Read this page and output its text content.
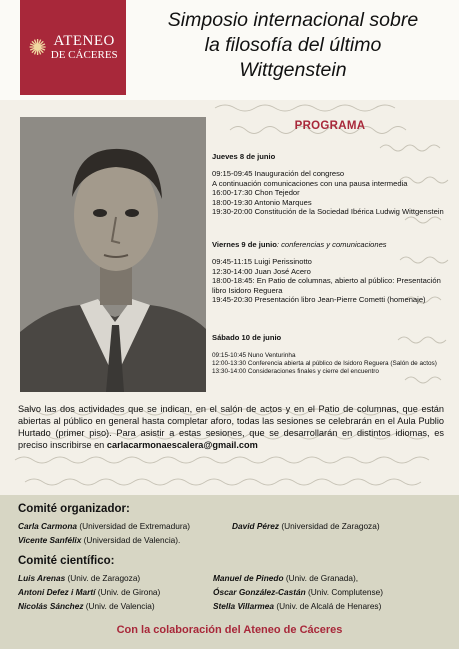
✺ ATENEO
DE CÁCERES
Simposio internacional sobre
la filosofía del último
Wittgenstein
PROGRAMA
Jueves 8 de junio
09:15-09:45 Inauguración del congreso
A continuación comunicaciones con una pausa intermedia
16:00-17:30 Chon Tejedor
18:00-19:30 Antonio Marques
19:30-20:00 Constitución de la Sociedad Ibérica Ludwig Wittgenstein
Viernes 9 de junio: conferencias y comunicaciones
09:45-11:15 Luigi Perissinotto
12:30-14:00 Juan José Acero
18:00-18:45: En Patio de columnas, abierto al público: Presentación libro Isidoro Reguera
19:45-20:30 Presentación libro Jean-Pierre Cometti (homenaje)
Sábado 10 de junio
09:15-10:45 Nuno Venturinha
12:00-13:30 Conferencia abierta al público de Isidoro Reguera (Salón de actos)
13:30-14:00 Consideraciones finales y cierre del encuentro
Salvo las dos actividades que se indican, en el salón de actos y en el Patio de columnas, que están abiertas al público en general hasta completar aforo, todas las sesiones se celebrarán en el Aula Publio Hurtado (primer piso). Para asistir a estas sesiones, que se desarrollarán en distintos idiomas, es preciso inscribirse en carlacarmonaescalera@gmail.com
Comité organizador:
Carla Carmona (Universidad de Extremadura)	David Pérez (Universidad de Zaragoza)
Vicente Sanfélix (Universidad de Valencia).
Comité científico:
Luis Arenas (Univ. de Zaragoza)	Manuel de Pinedo (Univ. de Granada),
Antoni Defez i Martí (Univ. de Girona)	Óscar González-Castán (Univ. Complutense)
Nicolás Sánchez (Univ. de Valencia)	Stella Villarmea (Univ. de Alcalá de Henares)
Con la colaboración del Ateneo de Cáceres
